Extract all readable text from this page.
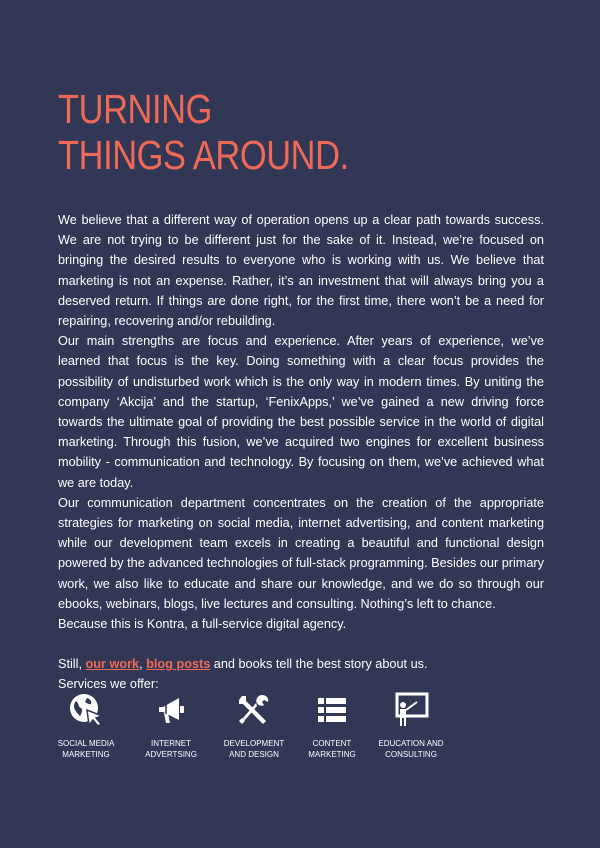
TURNING
THINGS AROUND.

We believe that a different way of operation opens up a clear path towards success. We are not trying to be different just for the sake of it. Instead, we’re focused on bringing the desired results to everyone who is working with us. We believe that marketing is not an expense. Rather, it’s an investment that will always bring you a deserved return. If things are done right, for the first time, there won’t be a need for repairing, recovering and/or rebuilding.

Our main strengths are focus and experience. After years of experience, we’ve learned that focus is the key. Doing something with a clear focus provides the possibility of undisturbed work which is the only way in modern times. By uniting the company ‘Akcija’ and the startup, ‘FenixApps,’ we’ve gained a new driving force towards the ultimate goal of providing the best possible service in the world of digital marketing. Through this fusion, we’ve acquired two engines for excellent business mobility - communication and technology. By focusing on them, we’ve achieved what we are today.

Our communication department concentrates on the creation of the appropriate strategies for marketing on social media, internet advertising, and content marketing while our development team excels in creating a beautiful and functional design powered by the advanced technologies of full-stack programming. Besides our primary work, we also like to educate and share our knowledge, and we do so through our ebooks, webinars, blogs, live lectures and consulting. Nothing’s left to chance.

Because this is Kontra, a full-service digital agency.

Still, our work, blog posts and books tell the best story about us.

Services we offer:

SOCIAL MEDIA
MARKETING
INTERNET
ADVERTSING
DEVELOPMENT
AND DESIGN
CONTENT
MARKETING
EDUCATION AND
CONSULTING
